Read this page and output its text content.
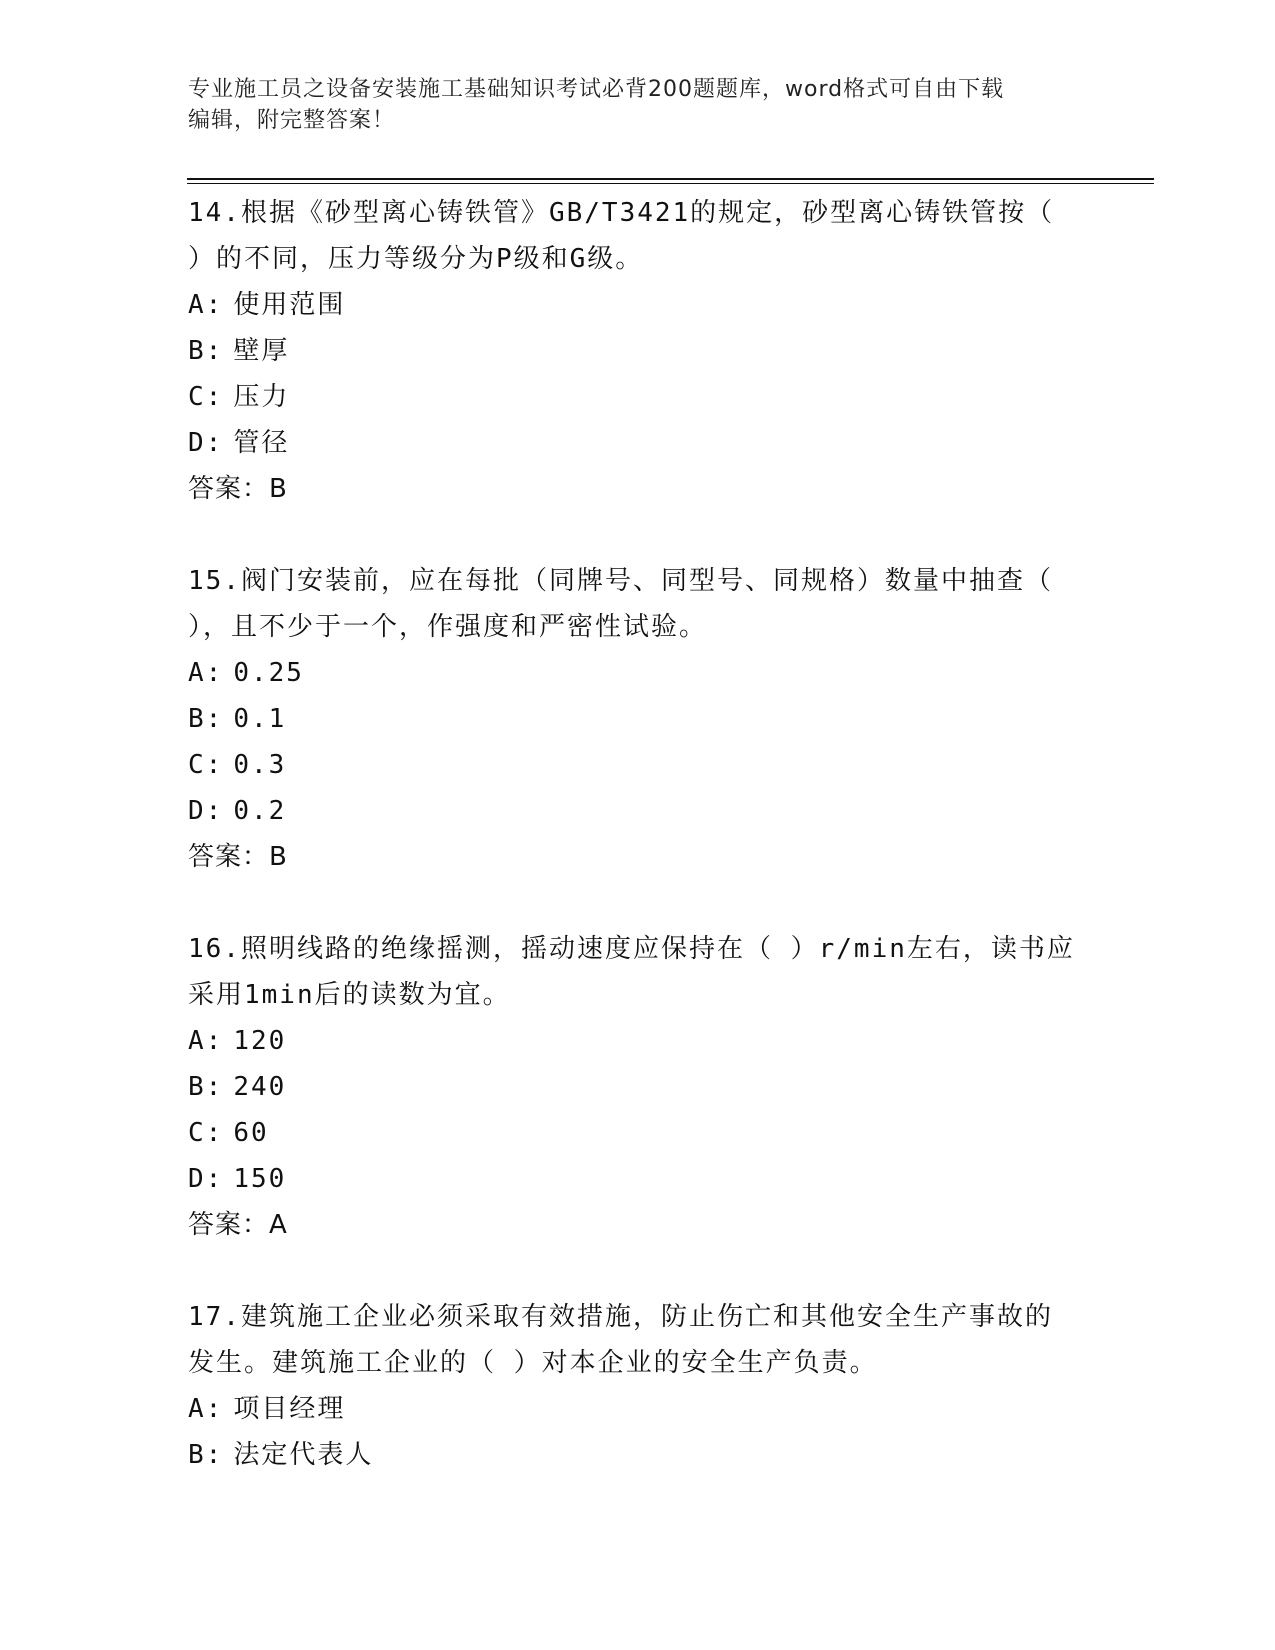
专业施工员之设备安装施工基础知识考试必背200题题库，word格式可自由下载
编辑，附完整答案！
14.根据《砂型离心铸铁管》GB/T3421的规定，砂型离心铸铁管按（
）的不同，压力等级分为P级和G级。
A: 使用范围
B: 壁厚
C: 压力
D: 管径
答案：B
15.阀门安装前，应在每批（同牌号、同型号、同规格）数量中抽查（
），且不少于一个，作强度和严密性试验。
A: 0.25
B: 0.1
C: 0.3
D: 0.2
答案：B
16.照明线路的绝缘摇测，摇动速度应保持在（ ）r/min左右，读书应
采用1min后的读数为宜。
A: 120
B: 240
C: 60
D: 150
答案：A
17.建筑施工企业必须采取有效措施，防止伤亡和其他安全生产事故的
发生。建筑施工企业的（ ）对本企业的安全生产负责。
A: 项目经理
B: 法定代表人
